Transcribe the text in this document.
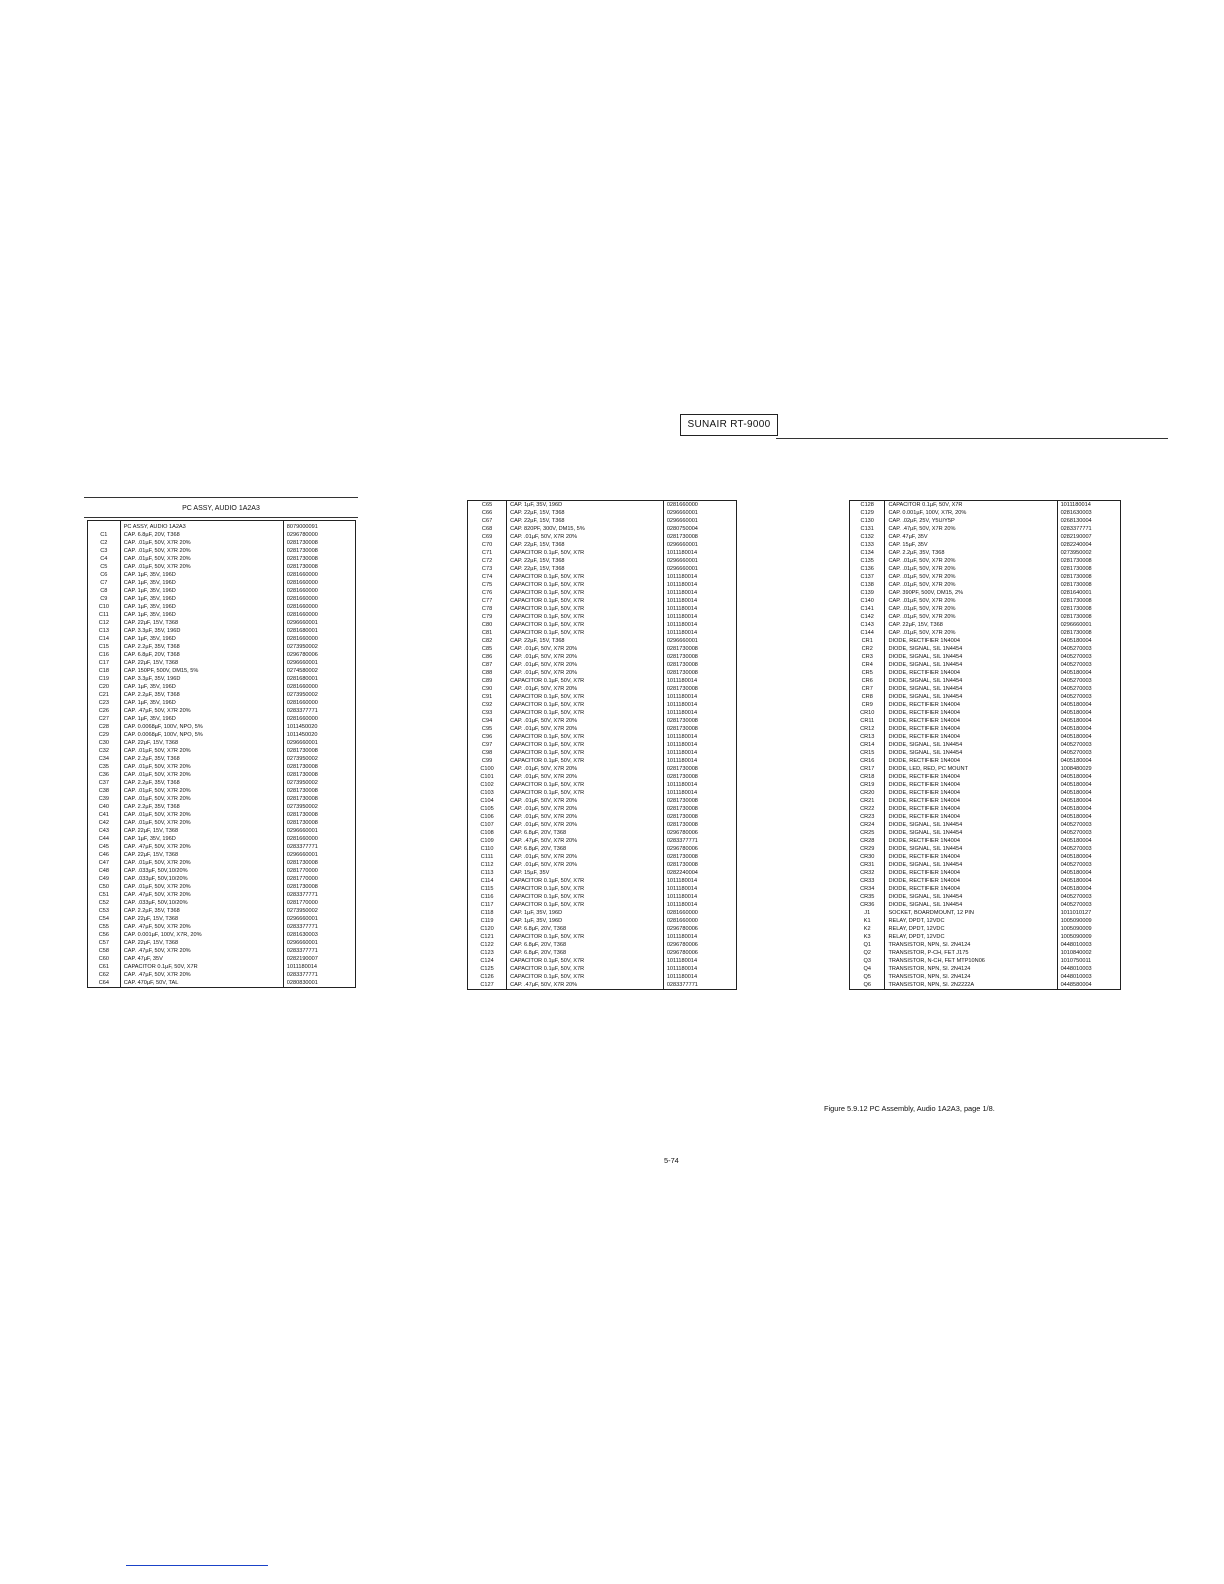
SUNAIR RT-9000
PC ASSY, AUDIO 1A2A3
	PC ASSY, AUDIO 1A2A3	8079000091
C1	CAP. 6.8µF, 20V, T368	0296780000
C2	CAP. .01µF, 50V, X7R 20%	0281730008
C3	CAP. .01µF, 50V, X7R 20%	0281730008
C4	CAP. .01µF, 50V, X7R 20%	0281730008
C5	CAP. .01µF, 50V, X7R 20%	0281730008
C6	CAP. 1µF, 35V, 196D	0281660000
C7	CAP. 1µF, 35V, 196D	0281660000
C8	CAP. 1µF, 35V, 196D	0281660000
C9	CAP. 1µF, 35V, 196D	0281660000
C10	CAP. 1µF, 35V, 196D	0281660000
C11	CAP. 1µF, 35V, 196D	0281660000
C12	CAP. 22µF, 15V, T368	0296660001
C13	CAP. 3.3µF, 35V, 196D	0281680001
C14	CAP. 1µF, 35V, 196D	0281660000
C15	CAP. 2.2µF, 35V, T368	0273950002
C16	CAP. 6.8µF, 20V, T368	0296780006
C17	CAP. 22µF, 15V, T368	0296660001
C18	CAP. 150PF, 500V, DM15, 5%	0274580002
C19	CAP. 3.3µF, 35V, 196D	0281680001
C20	CAP. 1µF, 35V, 196D	0281660000
C21	CAP. 2.2µF, 35V, T368	0273950002
C23	CAP. 1µF, 35V, 196D	0281660000
C26	CAP. .47µF, 50V, X7R 20%	0283377771
C27	CAP. 1µF, 35V, 196D	0281660000
C28	CAP. 0.0068µF, 100V, NPO, 5%	1011450020
C29	CAP. 0.0068µF, 100V, NPO, 5%	1011450020
C30	CAP. 22µF, 15V, T368	0296660001
C32	CAP. .01µF, 50V, X7R 20%	0281730008
C34	CAP. 2.2µF, 35V, T368	0273950002
C35	CAP. .01µF, 50V, X7R 20%	0281730008
C36	CAP. .01µF, 50V, X7R 20%	0281730008
C37	CAP. 2.2µF, 35V, T368	0273950002
C38	CAP. .01µF, 50V, X7R 20%	0281730008
C39	CAP. .01µF, 50V, X7R 20%	0281730008
C40	CAP. 2.2µF, 35V, T368	0273950002
C41	CAP. .01µF, 50V, X7R 20%	0281730008
C42	CAP. .01µF, 50V, X7R 20%	0281730008
C43	CAP. 22µF, 15V, T368	0296660001
C44	CAP. 1µF, 35V, 196D	0281660000
C45	CAP. .47µF, 50V, X7R 20%	0283377771
C46	CAP. 22µF, 15V, T368	0296660001
C47	CAP. .01µF, 50V, X7R 20%	0281730008
C48	CAP. .033µF, 50V,10/20%	0281770000
C49	CAP. .033µF, 50V,10/20%	0281770000
C50	CAP. .01µF, 50V, X7R 20%	0281730008
C51	CAP. .47µF, 50V, X7R 20%	0283377771
C52	CAP. .033µF, 50V,10/20%	0281770000
C53	CAP. 2.2µF, 35V, T368	0273950002
C54	CAP. 22µF, 15V, T368	0296660001
C55	CAP. .47µF, 50V, X7R 20%	0283377771
C56	CAP. 0.001µF, 100V, X7R, 20%	0281630003
C57	CAP. 22µF, 15V, T368	0296660001
C58	CAP. .47µF, 50V, X7R 20%	0283377771
C60	CAP. 47µF, 35V	0282190007
C61	CAPACITOR 0.1µF, 50V, X7R	1011180014
C62	CAP. .47µF, 50V, X7R 20%	0283377771
C64	CAP. 470µF, 50V, TAL	0280830001
C65	CAP. 1µF, 35V, 196D	0281660000
C66	CAP. 22µF, 15V, T368	0296660001
C67	CAP. 22µF, 15V, T368	0296660001
C68	CAP. 820PF, 300V, DM15, 5%	0280750004
C69	CAP. .01µF, 50V, X7R 20%	0281730008
C70	CAP. 22µF, 15V, T368	0296660001
C71	CAPACITOR 0.1µF, 50V, X7R	1011180014
C72	CAP. 22µF, 15V, T368	0296660001
C73	CAP. 22µF, 15V, T368	0296660001
C74	CAPACITOR 0.1µF, 50V, X7R	1011180014
C75	CAPACITOR 0.1µF, 50V, X7R	1011180014
C76	CAPACITOR 0.1µF, 50V, X7R	1011180014
C77	CAPACITOR 0.1µF, 50V, X7R	1011180014
C78	CAPACITOR 0.1µF, 50V, X7R	1011180014
C79	CAPACITOR 0.1µF, 50V, X7R	1011180014
C80	CAPACITOR 0.1µF, 50V, X7R	1011180014
C81	CAPACITOR 0.1µF, 50V, X7R	1011180014
C82	CAP. 22µF, 15V, T368	0296660001
C85	CAP. .01µF, 50V, X7R 20%	0281730008
C86	CAP. .01µF, 50V, X7R 20%	0281730008
C87	CAP. .01µF, 50V, X7R 20%	0281730008
C88	CAP. .01µF, 50V, X7R 20%	0281730008
C89	CAPACITOR 0.1µF, 50V, X7R	1011180014
C90	CAP. .01µF, 50V, X7R 20%	0281730008
C91	CAPACITOR 0.1µF, 50V, X7R	1011180014
C92	CAPACITOR 0.1µF, 50V, X7R	1011180014
C93	CAPACITOR 0.1µF, 50V, X7R	1011180014
C94	CAP. .01µF, 50V, X7R 20%	0281730008
C95	CAP. .01µF, 50V, X7R 20%	0281730008
C96	CAPACITOR 0.1µF, 50V, X7R	1011180014
C97	CAPACITOR 0.1µF, 50V, X7R	1011180014
C98	CAPACITOR 0.1µF, 50V, X7R	1011180014
C99	CAPACITOR 0.1µF, 50V, X7R	1011180014
C100	CAP. .01µF, 50V, X7R 20%	0281730008
C101	CAP. .01µF, 50V, X7R 20%	0281730008
C102	CAPACITOR 0.1µF, 50V, X7R	1011180014
C103	CAPACITOR 0.1µF, 50V, X7R	1011180014
C104	CAP. .01µF, 50V, X7R 20%	0281730008
C105	CAP. .01µF, 50V, X7R 20%	0281730008
C106	CAP. .01µF, 50V, X7R 20%	0281730008
C107	CAP. .01µF, 50V, X7R 20%	0281730008
C108	CAP. 6.8µF, 20V, T368	0296780006
C109	CAP. .47µF, 50V, X7R 20%	0283377771
C110	CAP. 6.8µF, 20V, T368	0296780006
C111	CAP. .01µF, 50V, X7R 20%	0281730008
C112	CAP. .01µF, 50V, X7R 20%	0281730008
C113	CAP. 15µF, 35V	0282240004
C114	CAPACITOR 0.1µF, 50V, X7R	1011180014
C115	CAPACITOR 0.1µF, 50V, X7R	1011180014
C116	CAPACITOR 0.1µF, 50V, X7R	1011180014
C117	CAPACITOR 0.1µF, 50V, X7R	1011180014
C118	CAP. 1µF, 35V, 196D	0281660000
C119	CAP. 1µF, 35V, 196D	0281660000
C120	CAP. 6.8µF, 20V, T368	0296780006
C121	CAPACITOR 0.1µF, 50V, X7R	1011180014
C122	CAP. 6.8µF, 20V, T368	0296780006
C123	CAP. 6.8µF, 20V, T368	0296780006
C124	CAPACITOR 0.1µF, 50V, X7R	1011180014
C125	CAPACITOR 0.1µF, 50V, X7R	1011180014
C126	CAPACITOR 0.1µF, 50V, X7R	1011180014
C127	CAP. .47µF, 50V, X7R 20%	0283377771
C128	CAPACITOR 0.1µF, 50V, X7R	1011180014
C129	CAP. 0.001µF, 100V, X7R, 20%	0281630003
C130	CAP. .02µF, 25V, Y5U/Y5P	0268130004
C131	CAP. .47µF, 50V, X7R 20%	0283377771
C132	CAP. 47µF, 35V	0282190007
C133	CAP. 15µF, 35V	0282240004
C134	CAP. 2.2µF, 35V, T368	0273950002
C135	CAP. .01µF, 50V, X7R 20%	0281730008
C136	CAP. .01µF, 50V, X7R 20%	0281730008
C137	CAP. .01µF, 50V, X7R 20%	0281730008
C138	CAP. .01µF, 50V, X7R 20%	0281730008
C139	CAP. 390PF, 500V, DM15, 2%	0281640001
C140	CAP. .01µF, 50V, X7R 20%	0281730008
C141	CAP. .01µF, 50V, X7R 20%	0281730008
C142	CAP. .01µF, 50V, X7R 20%	0281730008
C143	CAP. 22µF, 15V, T368	0296660001
C144	CAP. .01µF, 50V, X7R 20%	0281730008
CR1	DIODE, RECTIFIER 1N4004	0405180004
CR2	DIODE, SIGNAL, SIL 1N4454	0405270003
CR3	DIODE, SIGNAL, SIL 1N4454	0405270003
CR4	DIODE, SIGNAL, SIL 1N4454	0405270003
CR5	DIODE, RECTIFIER 1N4004	0405180004
CR6	DIODE, SIGNAL, SIL 1N4454	0405270003
CR7	DIODE, SIGNAL, SIL 1N4454	0405270003
CR8	DIODE, SIGNAL, SIL 1N4454	0405270003
CR9	DIODE, RECTIFIER 1N4004	0405180004
CR10	DIODE, RECTIFIER 1N4004	0405180004
CR11	DIODE, RECTIFIER 1N4004	0405180004
CR12	DIODE, RECTIFIER 1N4004	0405180004
CR13	DIODE, RECTIFIER 1N4004	0405180004
CR14	DIODE, SIGNAL, SIL 1N4454	0405270003
CR15	DIODE, SIGNAL, SIL 1N4454	0405270003
CR16	DIODE, RECTIFIER 1N4004	0405180004
CR17	DIODE, LED, RED, PC MOUNT	1008480029
CR18	DIODE, RECTIFIER 1N4004	0405180004
CR19	DIODE, RECTIFIER 1N4004	0405180004
CR20	DIODE, RECTIFIER 1N4004	0405180004
CR21	DIODE, RECTIFIER 1N4004	0405180004
CR22	DIODE, RECTIFIER 1N4004	0405180004
CR23	DIODE, RECTIFIER 1N4004	0405180004
CR24	DIODE, SIGNAL, SIL 1N4454	0405270003
CR25	DIODE, SIGNAL, SIL 1N4454	0405270003
CR28	DIODE, RECTIFIER 1N4004	0405180004
CR29	DIODE, SIGNAL, SIL 1N4454	0405270003
CR30	DIODE, RECTIFIER 1N4004	0405180004
CR31	DIODE, SIGNAL, SIL 1N4454	0405270003
CR32	DIODE, RECTIFIER 1N4004	0405180004
CR33	DIODE, RECTIFIER 1N4004	0405180004
CR34	DIODE, RECTIFIER 1N4004	0405180004
CR35	DIODE, SIGNAL, SIL 1N4454	0405270003
CR36	DIODE, SIGNAL, SIL 1N4454	0405270003
J1	SOCKET, BOARDMOUNT, 12 PIN	1011010127
K1	RELAY, DPDT, 12VDC	1005090009
K2	RELAY, DPDT, 12VDC	1005090009
K3	RELAY, DPDT, 12VDC	1005090009
Q1	TRANSISTOR, NPN, SI. 2N4124	0448010003
Q2	TRANSISTOR, P-CH, FET J175	1010840002
Q3	TRANSISTOR, N-CH, FET MTP10N06	1010750011
Q4	TRANSISTOR, NPN, SI. 2N4124	0448010003
Q5	TRANSISTOR, NPN, SI. 2N4124	0448010003
Q6	TRANSISTOR, NPN, SI. 2N2222A	0448580004
Figure 5.9.12 PC Assembly, Audio 1A2A3, page 1/8.
5-74
